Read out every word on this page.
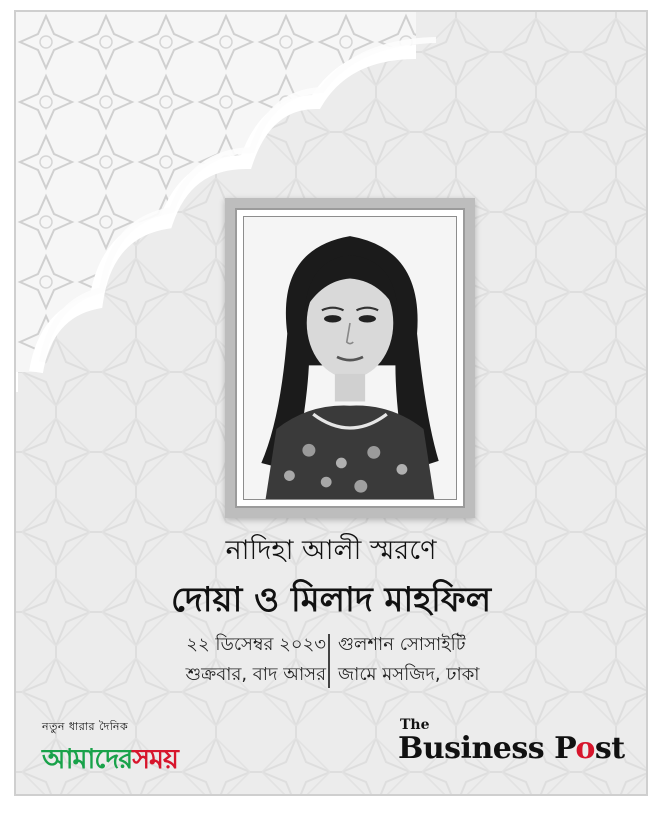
নাদিহা আলী স্মরণে
দোয়া ও মিলাদ মাহফিল
২২ ডিসেম্বর ২০২৩
শুক্রবার, বাদ আসর
গুলশান সোসাইটি
জামে মসজিদ, ঢাকা
নতুন ধারার দৈনিক
আমাদেরসময়
The
Business Post
